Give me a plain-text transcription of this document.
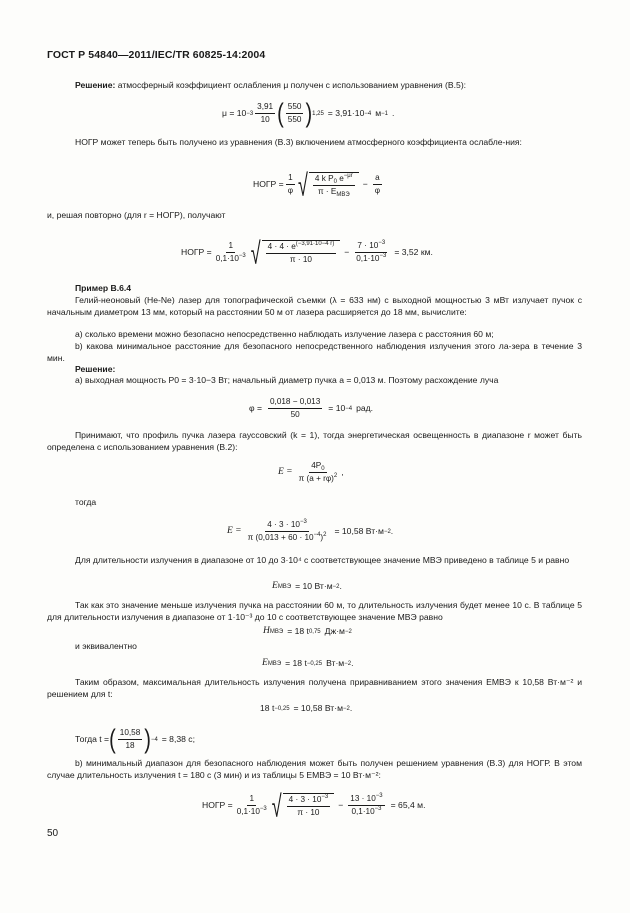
ГОСТ Р 54840—2011/IEC/TR 60825-14:2004
Решение: атмосферный коэффициент ослабления μ получен с использованием уравнения (В.5):
$\mu = 10 -3 \frac{3,91}{10}$ ( $\frac{550}{550}$ ) 1,25 = 3,91·10 −4 м −1 .
НОГР может теперь быть получено из уравнения (В.3) включением атмосферного коэффициента ослабле-ния:
НОГР = $\frac{1}{\varphi}$ √ $\frac{4 k P_0 e^{-\mu r}}{\pi \cdot E_{МВЭ}} - \frac{a}{\varphi}$
и, решая повторно (для r = НОГР), получают
НОГР = $\frac{1}{0,1\cdot 10^{-3}}$ √ $\frac{4 \cdot 4 \cdot e^{(-3,91\cdot 10-4 r)}}{\pi \cdot 10} - \frac{7 \cdot 10^{-3}}{0,1\cdot 10^{-3}} = 3,52$ км.
Пример В.6.4
Гелий-неоновый (He-Ne) лазер для топографической съемки (λ = 633 нм) с выходной мощностью 3 мВт излучает пучок с начальным диаметром 13 мм, который на расстоянии 50 м от лазера расширяется до 18 мм, вычислите:
а) сколько времени можно безопасно непосредственно наблюдать излучение лазера с расстояния 60 м;
b) какова минимальное расстояние для безопасного непосредственного наблюдения излучения этого ла-зера в течение 3 мин.
Решение:
а) выходная мощность P0 = 3·10−3 Вт; начальный диаметр пучка a = 0,013 м. Поэтому расхождение луча
$\varphi = \frac{0,018 - 0,013}{50} = 10 -4$ рад.
Принимают, что профиль пучка лазера гауссовский (k = 1), тогда энергетическая освещенность в диапазоне r может быть определена с использованием уравнения (В.2):
$E = \frac{4P_0}{\pi (a + r\varphi)^2}$ ,
тогда
$E = \frac{4 \cdot 3 \cdot 10^{-3}}{\pi (0,013 + 60 \cdot 10^{-4})^2} = 10,58$ Вт·м −2 .
Для длительности излучения в диапазоне от 10 до 3·10⁴ с соответствующее значение МВЭ приведено в таблице 5 и равно
E МВЭ = 10 Вт·м −2 .
Так как это значение меньше излучения пучка на расстоянии 60 м, то длительность излучения будет менее 10 с. В таблице 5 для длительности излучения в диапазоне от 1·10⁻³ до 10 с соответствующее значение МВЭ равно
H МВЭ = 18 t 0,75 Дж·м −2
и эквивалентно
E МВЭ = 18 t −0,25 Вт·м −2 .
Таким образом, максимальная длительность излучения получена приравниванием этого значения EМВЭ к 10,58 Вт·м⁻² и решением для t:
18 t −0,25 = 10,58 Вт·м −2 .
Тогда t = ( $\frac{10,58}{18}$ ) −4 = 8,38 с;
b) минимальный диапазон для безопасного наблюдения может быть получен решением уравнения (В.3) для НОГР. В этом случае длительность излучения t = 180 с (3 мин) и из таблицы 5 EМВЭ = 10 Вт·м⁻²:
НОГР = $\frac{1}{0,1\cdot 10^{-3}}$ √ $\frac{4 \cdot 3 \cdot 10^{-3}}{\pi \cdot 10} - \frac{13 \cdot 10^{-3}}{0,1\cdot 10^{-3}} = 65,4$ м.
50
